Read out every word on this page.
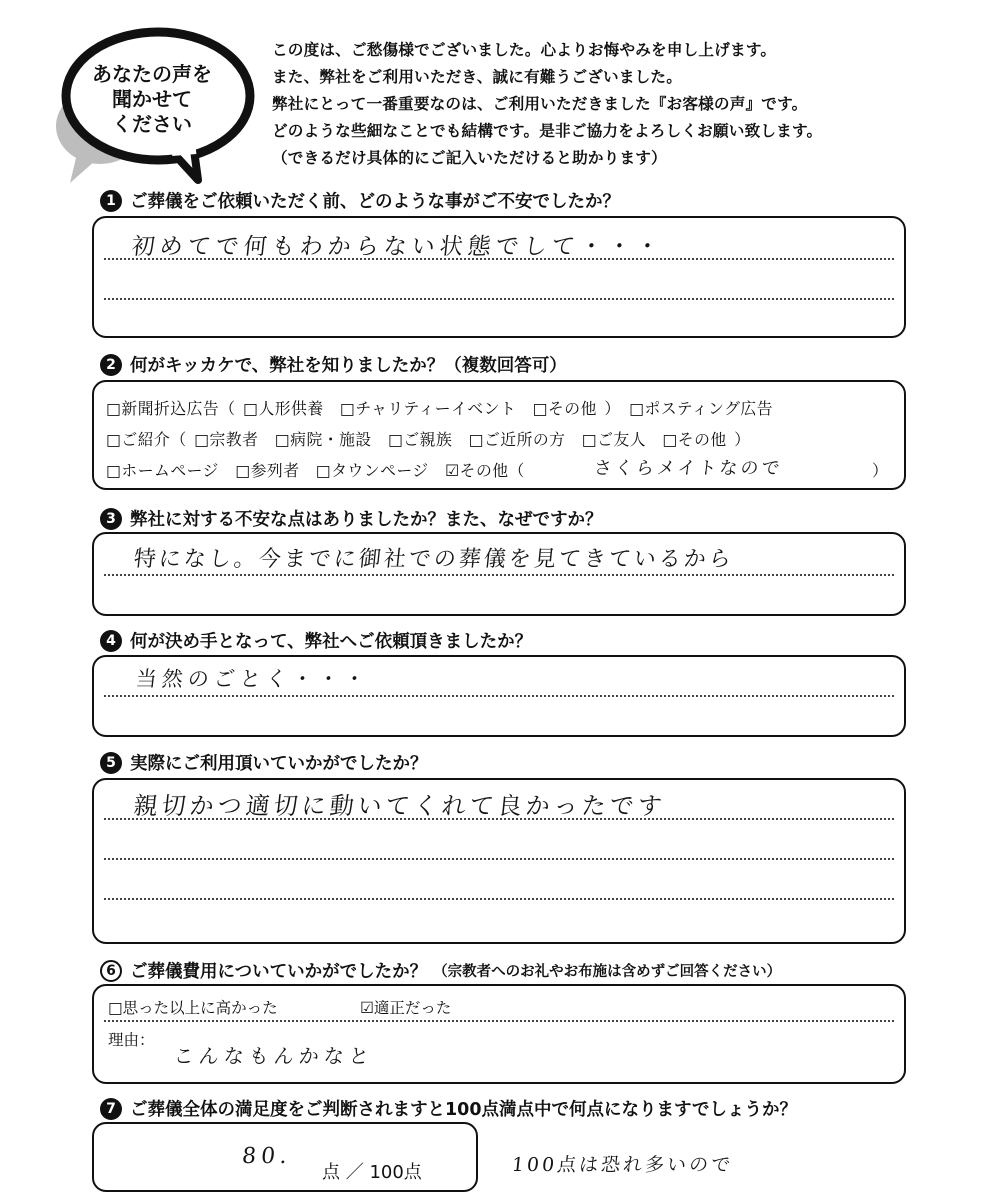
あなたの声を
聞かせて
ください
この度は、ご愁傷様でございました。心よりお悔やみを申し上げます。
また、弊社をご利用いただき、誠に有難うございました。
弊社にとって一番重要なのは、ご利用いただきました『お客様の声』です。
どのような些細なことでも結構です。是非ご協力をよろしくお願い致します。
（できるだけ具体的にご記入いただけると助かります）
1 ご葬儀をご依頼いただく前、どのような事がご不安でしたか？
初めてで何もわからない状態でして・・・
2 何がキッカケで、弊社を知りましたか？（複数回答可）
□新聞折込広告（ □人形供養　□チャリティーイベント　□その他 ）　□ポスティング広告
□ご紹介（ □宗教者　□病院・施設　□ご親族　□ご近所の方　□ご友人　□その他 ）
□ホームページ　□参列者　□タウンページ　☑その他（	さくらメイトなので	）
3 弊社に対する不安な点はありましたか？また、なぜですか？
特になし。今までに御社での葬儀を見てきているから
4 何が決め手となって、弊社へご依頼頂きましたか？
当然のごとく・・・
5 実際にご利用頂いていかがでしたか？
親切かつ適切に動いてくれて良かったです
6 ご葬儀費用についていかがでしたか？ （宗教者へのお礼やお布施は含めずご回答ください）
□思った以上に高かった	☑適正だった
理由：
こんなもんかなと
7 ご葬儀全体の満足度をご判断されますと100点満点中で何点になりますでしょうか？
80.
点 ／ 100点	100点は恐れ多いので
